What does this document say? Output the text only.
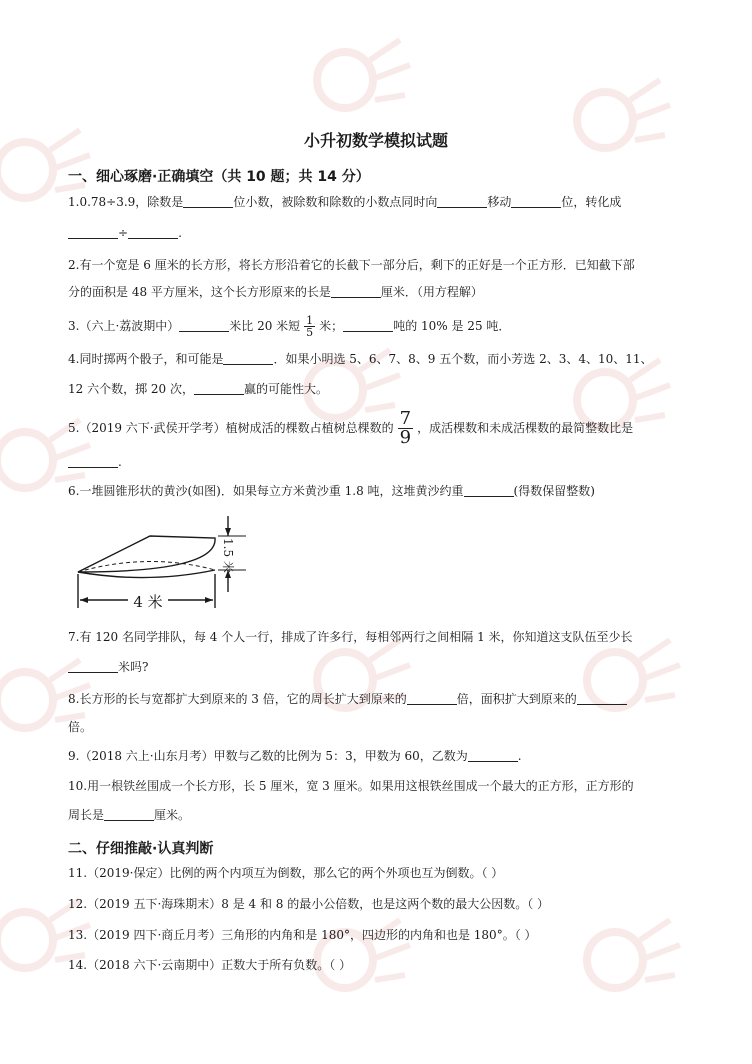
小升初数学模拟试题
一、细心琢磨·正确填空（共 10 题；共 14 分）
1.0.78÷3.9，除数是	位小数，被除数和除数的小数点同时向	移动	位，转化成
÷	.
2.有一个宽是 6 厘米的长方形，将长方形沿着它的长截下一部分后，剩下的正好是一个正方形．已知截下部
分的面积是 48 平方厘米，这个长方形原来的长是	厘米．（用方程解）
3.（六上·荔波期中）	米比 20 米短 $\frac{1}{5}$ 米；	吨的 10% 是 25 吨．
4.同时掷两个骰子，和可能是	．如果小明选 5、6、7、8、9 五个数，而小芳选 2、3、4、10、11、
12 六个数，掷 20 次，	赢的可能性大。
5.（2019 六下·武侯开学考）植树成活的棵数占植树总棵数的 $\frac{7}{9}$ ，成活棵数和未成活棵数的最简整数比是
.
6.一堆圆锥形状的黄沙(如图)．如果每立方米黄沙重 1.8 吨，这堆黄沙约重	(得数保留整数)
4 米
1.5 米
7.有 120 名同学排队，每 4 个人一行，排成了许多行，每相邻两行之间相隔 1 米，你知道这支队伍至少长
米吗?
8.长方形的长与宽都扩大到原来的 3 倍，它的周长扩大到原来的	倍，面积扩大到原来的
倍。
9.（2018 六上·山东月考）甲数与乙数的比例为 5：3，甲数为 60，乙数为	.
10.用一根铁丝围成一个长方形，长 5 厘米，宽 3 厘米。如果用这根铁丝围成一个最大的正方形，正方形的
周长是	厘米。
二、仔细推敲·认真判断
11.（2019·保定）比例的两个内项互为倒数，那么它的两个外项也互为倒数。（ ）
12.（2019 五下·海珠期末）8 是 4 和 8 的最小公倍数，也是这两个数的最大公因数。（ ）
13.（2019 四下·商丘月考）三角形的内角和是 180°，四边形的内角和也是 180°。（ ）
14.（2018 六下·云南期中）正数大于所有负数。（ ）
